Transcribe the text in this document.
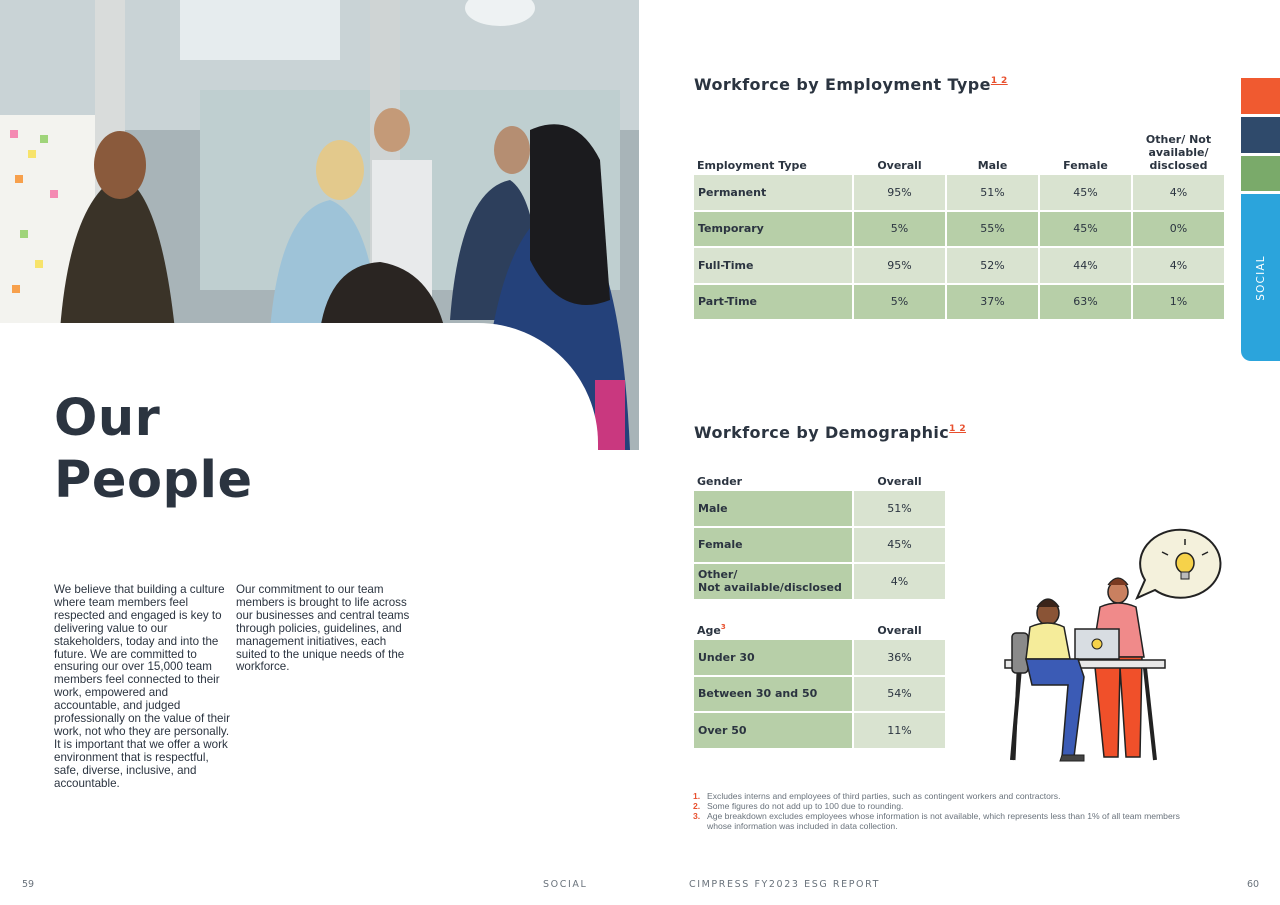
Our
People

We believe that building a culture where team members feel respected and engaged is key to delivering value to our stakeholders, today and into the future. We are committed to ensuring our over 15,000 team members feel connected to their work, empowered and accountable, and judged professionally on the value of their work, not who they are personally. It is important that we offer a work environment that is respectful, safe, diverse, inclusive, and accountable.

Our commitment to our team members is brought to life across our businesses and central teams through policies, guidelines, and management initiatives, each suited to the unique needs of the workforce.

Workforce by Employment Type$^{1 2}$
Employment Type	Overall	Male	Female	Other/ Not available/ disclosed
Permanent	95%	51%	45%	4%
Temporary	5%	55%	45%	0%
Full-Time	95%	52%	44%	4%
Part-Time	5%	37%	63%	1%
Workforce by Demographic$^{1 2}$
Gender	Overall
Male	51%
Female	45%

Other/
Not available/disclosed	4%
Age$^3$	Overall
Under 30	36%
Between 30 and 50	54%
Over 50	11%
1. Excludes interns and employees of third parties, such as contingent workers and contractors.
2. Some figures do not add up to 100 due to rounding.
3. Age breakdown excludes employees whose information is not available, which represents less than 1% of all team members whose information was included in data collection.
SOCIAL
59	SOCIAL	CIMPRESS FY2023 ESG REPORT	60
